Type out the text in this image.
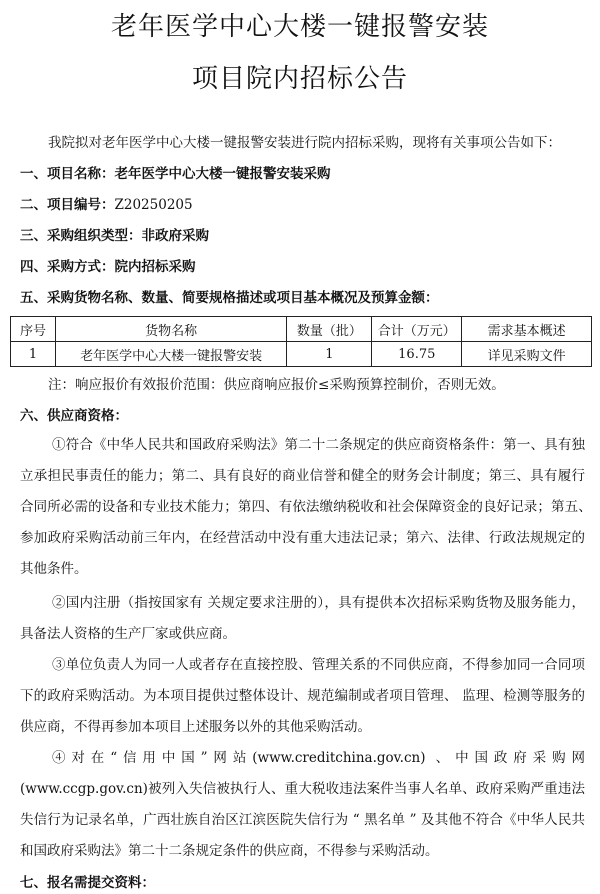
老年医学中心大楼一键报警安装
项目院内招标公告
我院拟对老年医学中心大楼一键报警安装进行院内招标采购，现将有关事项公告如下：
一、项目名称：老年医学中心大楼一键报警安装采购
二、项目编号：Z20250205
三、采购组织类型：非政府采购
四、采购方式：院内招标采购
五、采购货物名称、数量、简要规格描述或项目基本概况及预算金额：
序号	货物名称	数量（批）	合计（万元）	需求基本概述
1	老年医学中心大楼一键报警安装	1	16.75	详见采购文件
注：响应报价有效报价范围：供应商响应报价≤采购预算控制价，否则无效。
六、供应商资格：

①符合《中华人民共和国政府采购法》第二十二条规定的供应商资格条件：第一、具有独立承担民事责任的能力；第二、具有良好的商业信誉和健全的财务会计制度；第三、具有履行合同所必需的设备和专业技术能力；第四、有依法缴纳税收和社会保障资金的良好记录；第五、　参加政府采购活动前三年内，在经营活动中没有重大违法记录；第六、法律、行政法规规定的其他条件。

②国内注册（指按国家有 关规定要求注册的），具有提供本次招标采购货物及服务能力，具备法人资格的生产厂家或供应商。

③单位负责人为同一人或者存在直接控股、管理关系的不同供应商，不得参加同一合同项下的政府采购活动。为本项目提供过整体设计、规范编制或者项目管理、 监理、检测等服务的供应商，不得再参加本项目上述服务以外的其他采购活动。

④对在“信用中国”网站(www.creditchina.gov.cn) 、中国政府采购网(www.ccgp.gov.cn)被列入失信被执行人、重大税收违法案件当事人名单、政府采购严重违法失信行为记录名单，广西壮族自治区江滨医院失信行为 “ 黑名单 ” 及其他不符合《中华人民共和国政府采购法》第二十二条规定条件的供应商，不得参与采购活动。

七、报名需提交资料：
